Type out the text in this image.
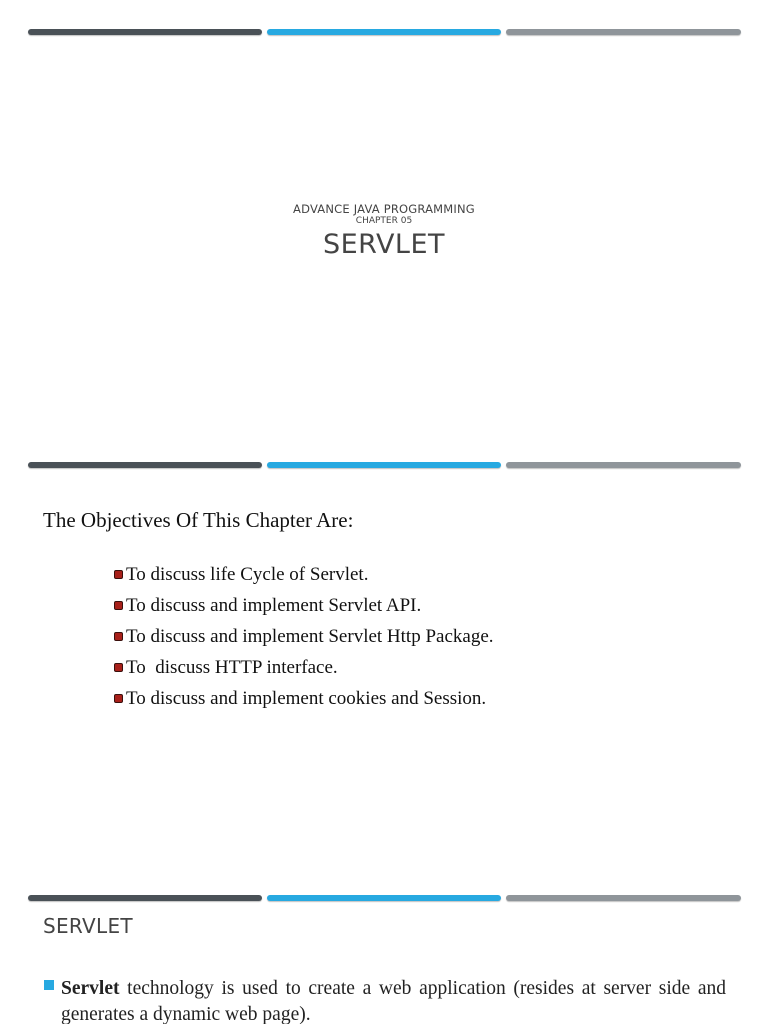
ADVANCE JAVA PROGRAMMING
CHAPTER 05
SERVLET
The Objectives Of This Chapter Are:
To discuss life Cycle of Servlet.
To discuss and implement Servlet API.
To discuss and implement Servlet Http Package.
To  discuss HTTP interface.
To discuss and implement cookies and Session.
SERVLET
Servlet technology is used to create a web application (resides at server side and generates a dynamic web page).
